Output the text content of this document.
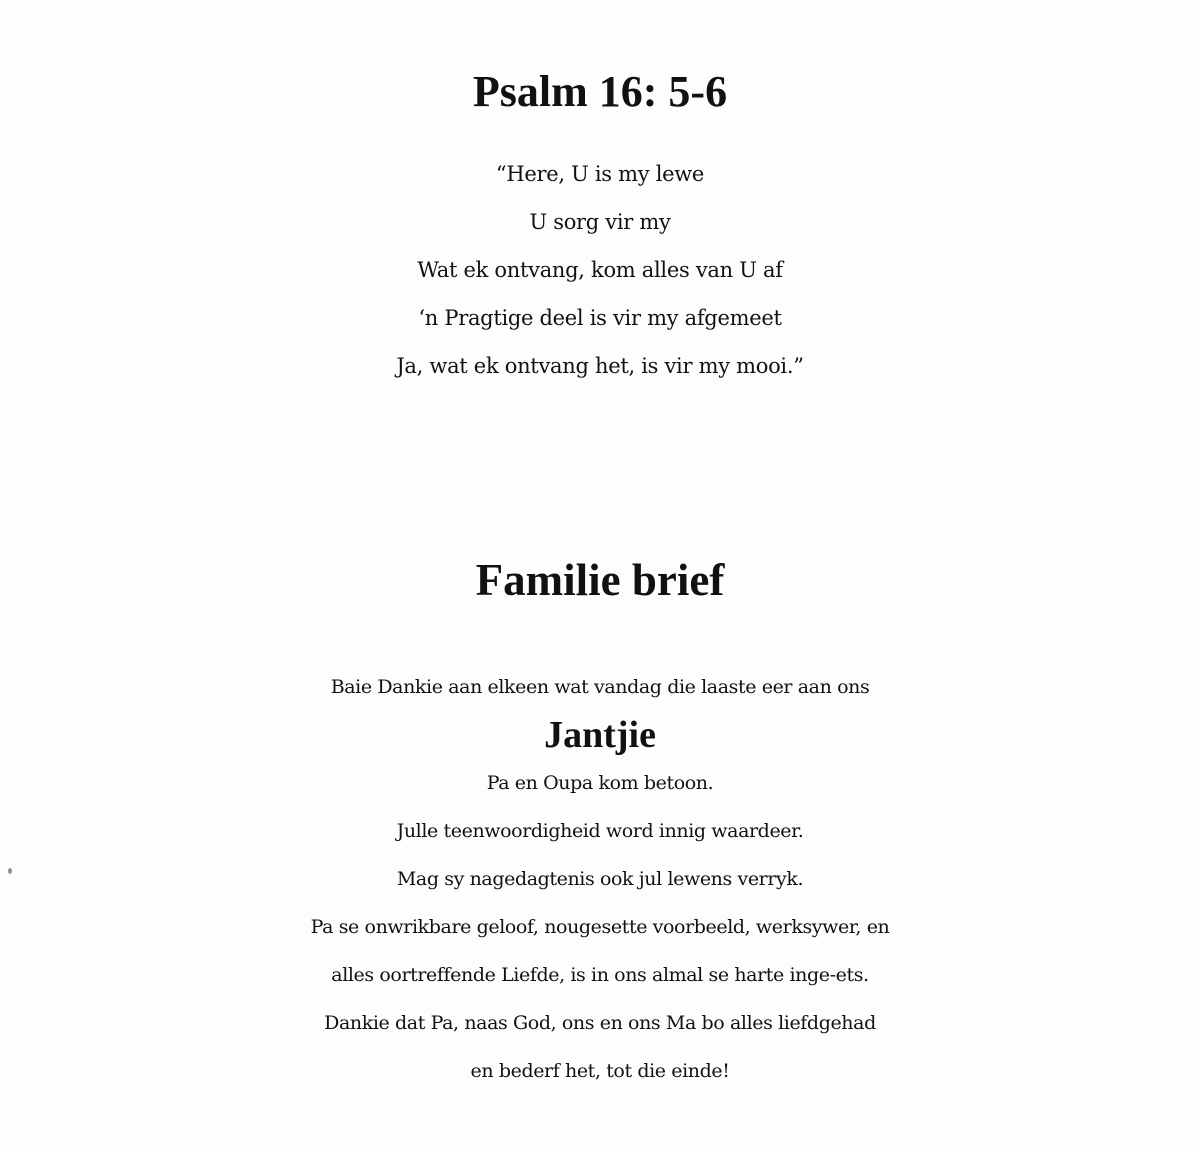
Psalm 16: 5-6
“Here, U is my lewe
U sorg vir my
Wat ek ontvang, kom alles van U af
‘n Pragtige deel is vir my afgemeet
Ja, wat ek ontvang het, is vir my mooi.”
Familie brief
Baie Dankie aan elkeen wat vandag die laaste eer aan ons
Jantjie
Pa en Oupa kom betoon.
Julle teenwoordigheid word innig waardeer.
Mag sy nagedagtenis ook jul lewens verryk.
Pa se onwrikbare geloof, nougesette voorbeeld, werksywer, en
alles oortreffende Liefde, is in ons almal se harte inge-ets.
Dankie dat Pa, naas God, ons en ons Ma bo alles liefdgehad
en bederf het, tot die einde!
